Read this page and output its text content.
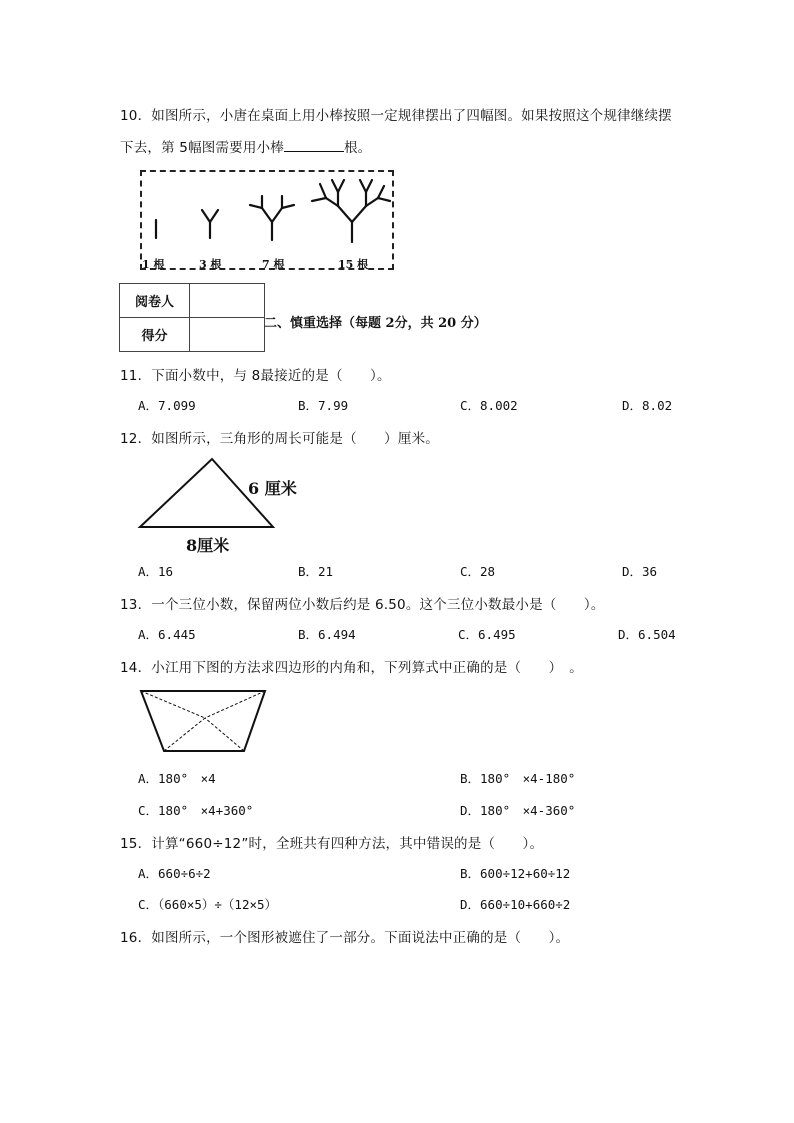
10．如图所示，小唐在桌面上用小棒按照一定规律摆出了四幅图。如果按照这个规律继续摆
下去，第 5幅图需要用小棒	根。
1 根	3 根	7 根	15 根
阅卷人	
得分	
二、慎重选择（每题 2分，共 20 分）
11．下面小数中，与 8最接近的是（　　）。
A．7.099	B．7.99	C．8.002	D．8.02
12．如图所示，三角形的周长可能是（　　）厘米。
6 厘米
8厘米
A．16	B．21	C．28	D．36
13．一个三位小数，保留两位小数后约是 6.50。这个三位小数最小是（　　）。
A．6.445	B．6.494	C．6.495	D．6.504
14．小江用下图的方法求四边形的内角和，下列算式中正确的是（　　）　。
A．180°　×4	B．180°　×4-180°
C．180°　×4+360°	D．180°　×4-360°
15．计算“660÷12”时，全班共有四种方法，其中错误的是（　　）。
A．660÷6÷2	B．600÷12+60÷12
C．（660×5）÷（12×5）	D．660÷10+660÷2
16．如图所示，一个图形被遮住了一部分。下面说法中正确的是（　　）。
